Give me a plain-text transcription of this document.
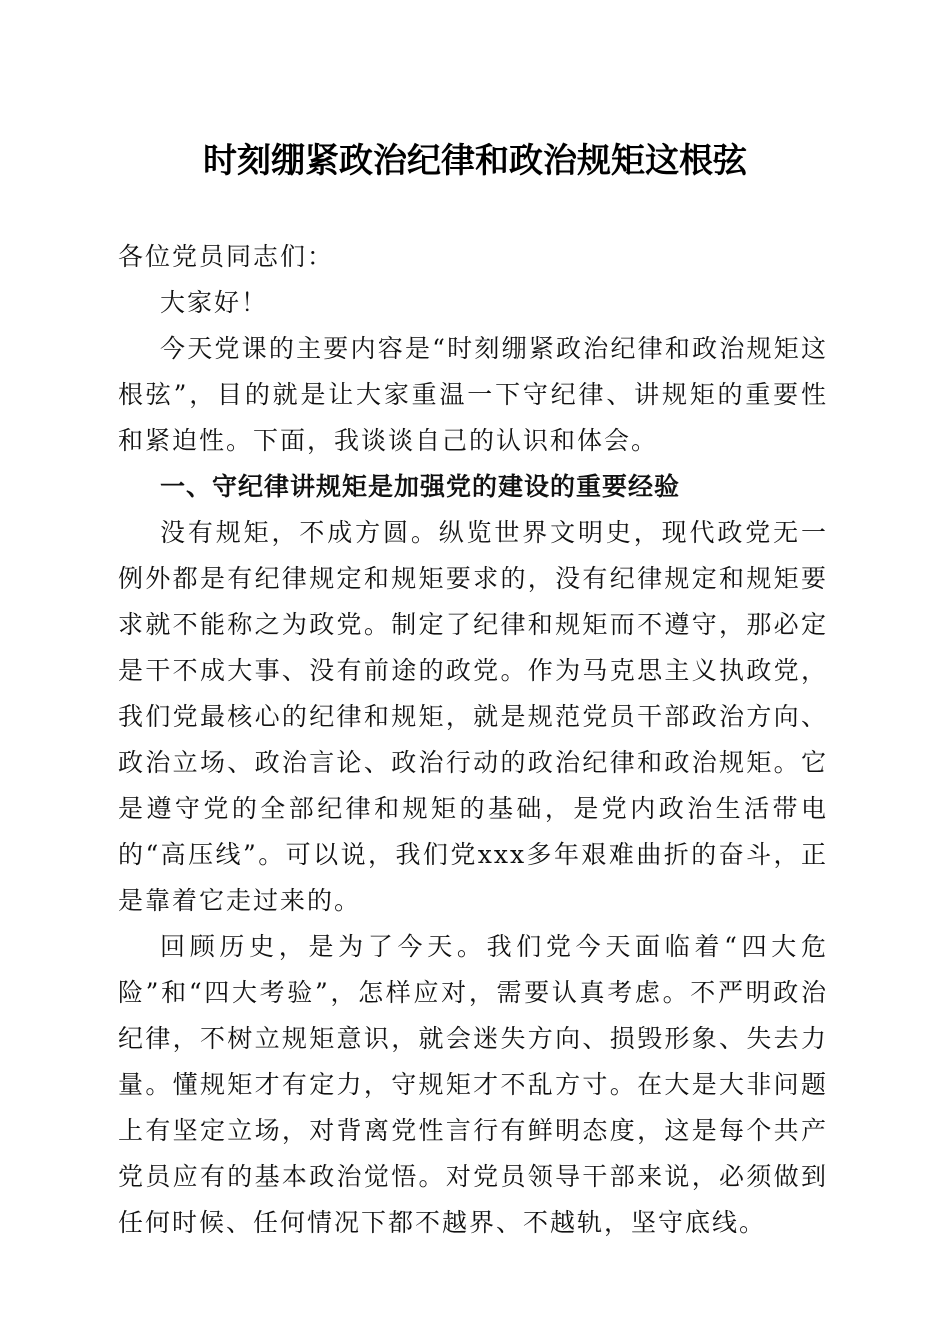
时刻绷紧政治纪律和政治规矩这根弦

各位党员同志们：

大家好！

今天党课的主要内容是“时刻绷紧政治纪律和政治规矩这根弦”，目的就是让大家重温一下守纪律、讲规矩的重要性和紧迫性。下面，我谈谈自己的认识和体会。

一、守纪律讲规矩是加强党的建设的重要经验

没有规矩，不成方圆。纵览世界文明史，现代政党无一例外都是有纪律规定和规矩要求的，没有纪律规定和规矩要求就不能称之为政党。制定了纪律和规矩而不遵守，那必定是干不成大事、没有前途的政党。作为马克思主义执政党，我们党最核心的纪律和规矩，就是规范党员干部政治方向、政治立场、政治言论、政治行动的政治纪律和政治规矩。它是遵守党的全部纪律和规矩的基础，是党内政治生活带电的“高压线”。可以说，我们党xxx多年艰难曲折的奋斗，正是靠着它走过来的。

回顾历史，是为了今天。我们党今天面临着“四大危险”和“四大考验”，怎样应对，需要认真考虑。不严明政治纪律，不树立规矩意识，就会迷失方向、损毁形象、失去力量。懂规矩才有定力，守规矩才不乱方寸。在大是大非问题上有坚定立场，对背离党性言行有鲜明态度，这是每个共产党员应有的基本政治觉悟。对党员领导干部来说，必须做到任何时候、任何情况下都不越界、不越轨，坚守底线。
